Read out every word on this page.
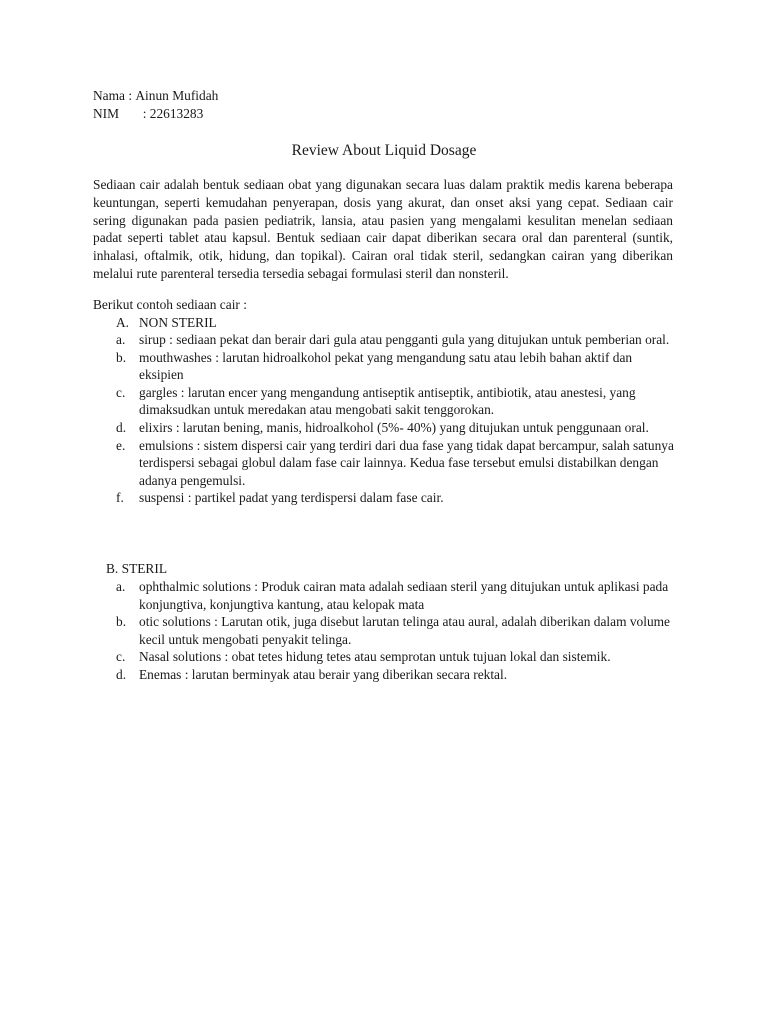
Nama : Ainun Mufidah
NIM	: 22613283
Review About Liquid Dosage

Sediaan cair adalah bentuk sediaan obat yang digunakan secara luas dalam praktik medis karena beberapa keuntungan, seperti kemudahan penyerapan, dosis yang akurat, dan onset aksi yang cepat. Sediaan cair sering digunakan pada pasien pediatrik, lansia, atau pasien yang mengalami kesulitan menelan sediaan padat seperti tablet atau kapsul. Bentuk sediaan cair dapat diberikan secara oral dan parenteral (suntik, inhalasi, oftalmik, otik, hidung, dan topikal). Cairan oral tidak steril, sedangkan cairan yang diberikan melalui rute parenteral tersedia tersedia sebagai formulasi steril dan nonsteril.

Berikut contoh sediaan cair :
A. NON STERIL
a.	sirup : sediaan pekat dan berair dari gula atau pengganti gula yang ditujukan untuk pemberian oral.
b. mouthwashes : larutan hidroalkohol pekat yang mengandung satu atau lebih bahan aktif dan eksipien
c.	gargles : larutan encer yang mengandung antiseptik antiseptik, antibiotik, atau anestesi, yang dimaksudkan untuk meredakan atau mengobati sakit tenggorokan.
d. elixirs : larutan bening, manis, hidroalkohol (5%- 40%) yang ditujukan untuk penggunaan oral.
e.	emulsions : sistem dispersi cair yang terdiri dari dua fase yang tidak dapat bercampur, salah satunya terdispersi sebagai globul dalam fase cair lainnya. Kedua fase tersebut emulsi distabilkan dengan adanya pengemulsi.
f.	suspensi : partikel padat yang terdispersi dalam fase cair.
B. STERIL
a.	ophthalmic solutions : Produk cairan mata adalah sediaan steril yang ditujukan untuk aplikasi pada konjungtiva, konjungtiva kantung, atau kelopak mata
b. otic solutions : Larutan otik, juga disebut larutan telinga atau aural, adalah diberikan dalam volume kecil untuk mengobati penyakit telinga.
c.	Nasal solutions : obat tetes hidung tetes atau semprotan untuk tujuan lokal dan sistemik.
d. Enemas : larutan berminyak atau berair yang diberikan secara rektal.
